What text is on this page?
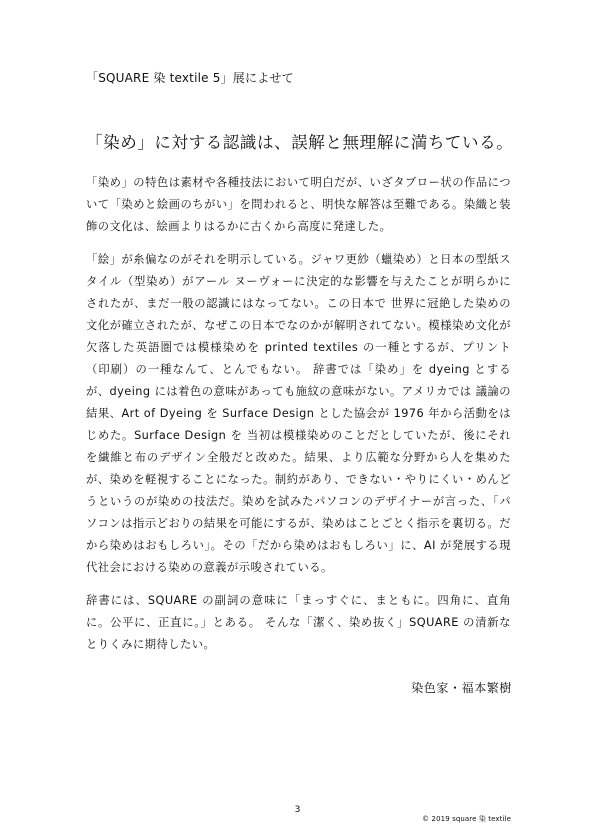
「SQUARE 染 textile 5」展によせて
「染め」に対する認識は、誤解と無理解に満ちている。

「染め」の特色は素材や各種技法において明白だが、いざタブロー状の作品について「染めと絵画のちがい」を問われると、明快な解答は至難である。染織と装飾の文化は、絵画よりはるかに古くから高度に発達した。

「絵」が糸偏なのがそれを明示している。ジャワ更紗（蠟染め）と日本の型紙スタイル（型染め）がアール ヌーヴォーに決定的な影響を与えたことが明らかにされたが、まだ一般の認識にはなってない。この日本で 世界に冠絶した染めの文化が確立されたが、なぜこの日本でなのかが解明されてない。模様染め文化が欠落した英語圏では模様染めを printed textiles の一種とするが、プリント（印刷）の一種なんて、とんでもない。 辞書では「染め」を dyeing とするが、dyeing には着色の意味があっても施紋の意味がない。アメリカでは 議論の結果、Art of Dyeing を Surface Design とした協会が 1976 年から活動をはじめた。Surface Design を 当初は模様染めのことだとしていたが、後にそれを繊維と布のデザイン全般だと改めた。結果、より広範な分野から人を集めたが、染めを軽視することになった。制約があり、できない・やりにくい・めんどうというのが染めの技法だ。染めを試みたパソコンのデザイナーが言った、「パソコンは指示どおりの結果を可能にするが、染めはことごとく指示を裏切る。だから染めはおもしろい」。その「だから染めはおもしろい」に、AI が発展する現代社会における染めの意義が示唆されている。

辞書には、SQUARE の副詞の意味に「まっすぐに、まともに。四角に、直角に。公平に、正直に。」とある。 そんな「潔く、染め抜く」SQUARE の清新なとりくみに期待したい。

染色家・福本繁樹
3
© 2019 square 染 textile
